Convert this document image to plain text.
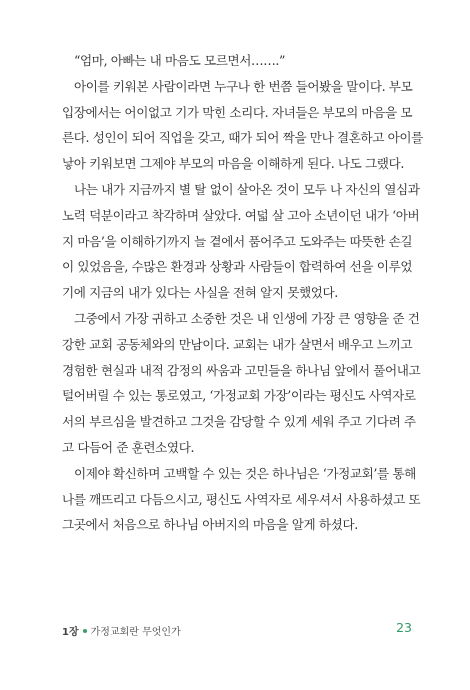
“엄마, 아빠는 내 마음도 모르면서…….”
아이를 키워본 사람이라면 누구나 한 번쯤 들어봤을 말이다. 부모
입장에서는 어이없고 기가 막힌 소리다. 자녀들은 부모의 마음을 모
른다. 성인이 되어 직업을 갖고, 때가 되어 짝을 만나 결혼하고 아이를
낳아 키워보면 그제야 부모의 마음을 이해하게 된다. 나도 그랬다.
나는 내가 지금까지 별 탈 없이 살아온 것이 모두 나 자신의 열심과
노력 덕분이라고 착각하며 살았다. 여덟 살 고아 소년이던 내가 ‘아버
지 마음’을 이해하기까지 늘 곁에서 품어주고 도와주는 따뜻한 손길
이 있었음을, 수많은 환경과 상황과 사람들이 합력하여 선을 이루었
기에 지금의 내가 있다는 사실을 전혀 알지 못했었다.
그중에서 가장 귀하고 소중한 것은 내 인생에 가장 큰 영향을 준 건
강한 교회 공동체와의 만남이다. 교회는 내가 살면서 배우고 느끼고
경험한 현실과 내적 감정의 싸움과 고민들을 하나님 앞에서 풀어내고
털어버릴 수 있는 통로였고, ‘가정교회 가장’이라는 평신도 사역자로
서의 부르심을 발견하고 그것을 감당할 수 있게 세워 주고 기다려 주
고 다듬어 준 훈련소였다.
이제야 확신하며 고백할 수 있는 것은 하나님은 ‘가정교회’를 통해
나를 깨뜨리고 다듬으시고, 평신도 사역자로 세우셔서 사용하셨고 또
그곳에서 처음으로 하나님 아버지의 마음을 알게 하셨다.
1장 가정교회란 무엇인가	23
